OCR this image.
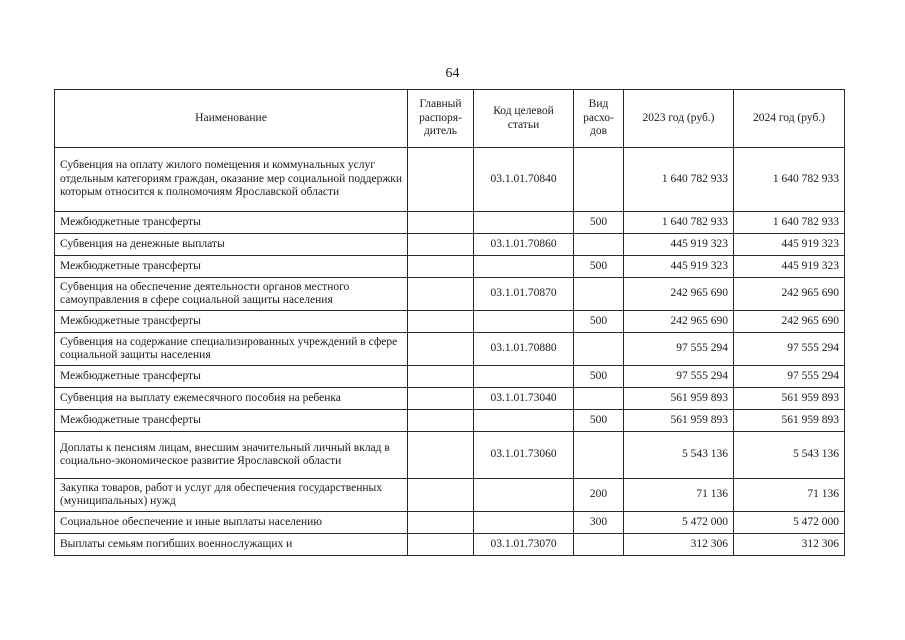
64
Наименование	Главный распоря-дитель	Код целевой статьи	Вид расхо-дов	2023 год (руб.)	2024 год (руб.)
Субвенция на оплату жилого помещения и коммунальных услуг отдельным категориям граждан, оказание мер социальной поддержки которым относится к полномочиям Ярославской области		03.1.01.70840		1 640 782 933	1 640 782 933
Межбюджетные трансферты			500	1 640 782 933	1 640 782 933
Субвенция на денежные выплаты		03.1.01.70860		445 919 323	445 919 323
Межбюджетные трансферты			500	445 919 323	445 919 323
Субвенция на обеспечение деятельности органов местного самоуправления в сфере социальной защиты населения		03.1.01.70870		242 965 690	242 965 690
Межбюджетные трансферты			500	242 965 690	242 965 690
Субвенция на содержание специализированных учреждений в сфере социальной защиты населения		03.1.01.70880		97 555 294	97 555 294
Межбюджетные трансферты			500	97 555 294	97 555 294
Субвенция на выплату ежемесячного пособия на ребенка		03.1.01.73040		561 959 893	561 959 893
Межбюджетные трансферты			500	561 959 893	561 959 893
Доплаты к пенсиям лицам, внесшим значительный личный вклад в социально-экономическое развитие Ярославской области		03.1.01.73060		5 543 136	5 543 136
Закупка товаров, работ и услуг для обеспечения государственных (муниципальных) нужд			200	71 136	71 136
Социальное обеспечение и иные выплаты населению			300	5 472 000	5 472 000
Выплаты семьям погибших военнослужащих и		03.1.01.73070		312 306	312 306
